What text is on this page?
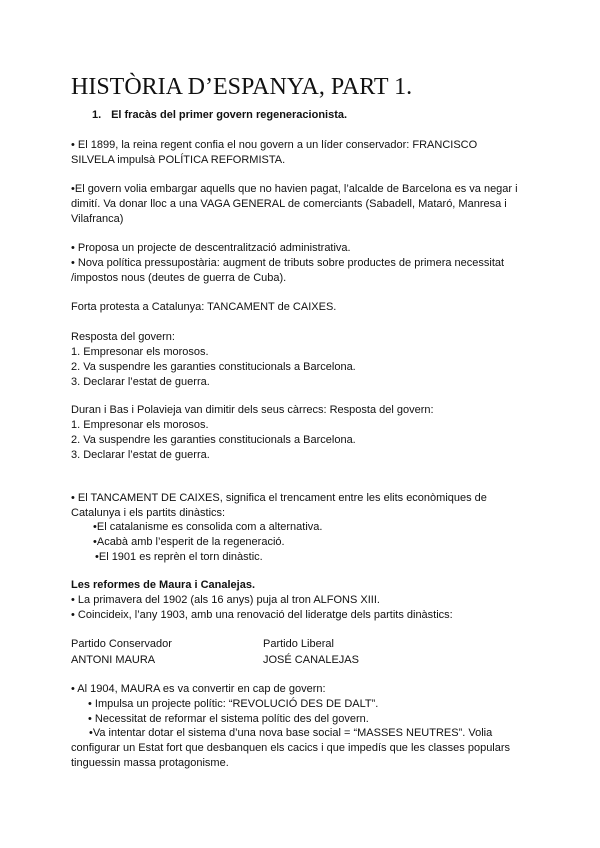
HISTÒRIA D’ESPANYA, PART 1.
1. El fracàs del primer govern regeneracionista.
• El 1899, la reina regent confia el nou govern a un líder conservador: FRANCISCO
SILVELA impulsà POLÍTICA REFORMISTA.
•El govern volia embargar aquells que no havien pagat, l’alcalde de Barcelona es va negar i
dimití. Va donar lloc a una VAGA GENERAL de comerciants (Sabadell, Mataró, Manresa i
Vilafranca)
• Proposa un projecte de descentralització administrativa.
• Nova política pressupostària: augment de tributs sobre productes de primera necessitat
/impostos nous (deutes de guerra de Cuba).
Forta protesta a Catalunya: TANCAMENT de CAIXES.
Resposta del govern:
1. Empresonar els morosos.
2. Va suspendre les garanties constitucionals a Barcelona.
3. Declarar l’estat de guerra.
Duran i Bas i Polavieja van dimitir dels seus càrrecs: Resposta del govern:
1. Empresonar els morosos.
2. Va suspendre les garanties constitucionals a Barcelona.
3. Declarar l’estat de guerra.
• El TANCAMENT DE CAIXES, significa el trencament entre les elits econòmiques de
Catalunya i els partits dinàstics:
•El catalanisme es consolida com a alternativa.
•Acabà amb l’esperit de la regeneració.
•El 1901 es reprèn el torn dinàstic.
Les reformes de Maura i Canalejas.
• La primavera del 1902 (als 16 anys) puja al tron ALFONS XIII.
• Coincideix, l’any 1903, amb una renovació del lideratge dels partits dinàstics:
Partido Conservador
ANTONI MAURA
Partido Liberal
JOSÉ CANALEJAS
• Al 1904, MAURA es va convertir en cap de govern:
• Impulsa un projecte polític: “REVOLUCIÓ DES DE DALT”.
• Necessitat de reformar el sistema polític des del govern.
•Va intentar dotar el sistema d’una nova base social = “MASSES NEUTRES”. Volia
configurar un Estat fort que desbanquen els cacics i que impedís que les classes populars
tinguessin massa protagonisme.
